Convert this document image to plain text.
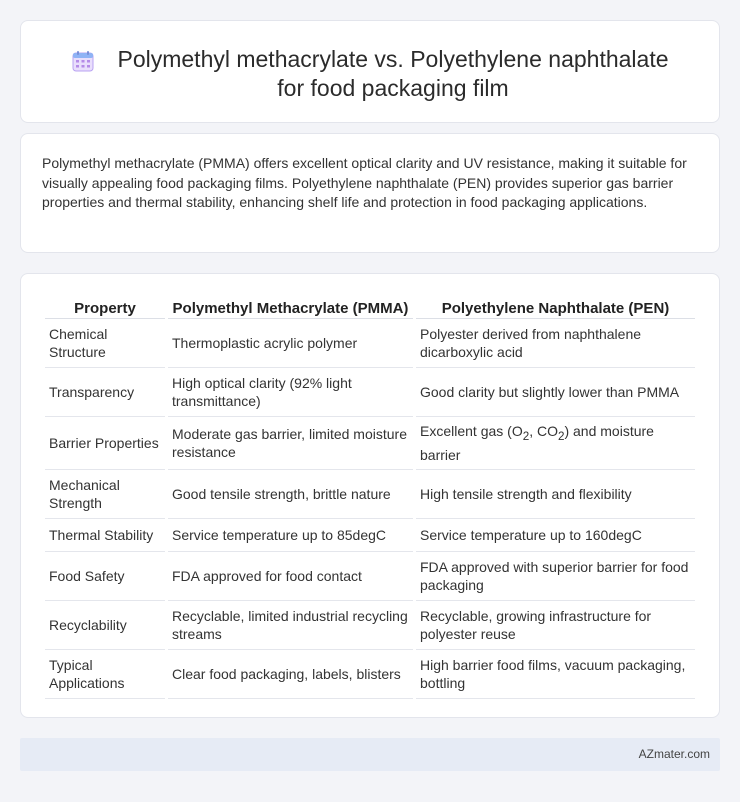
Polymethyl methacrylate vs. Polyethylene naphthalate
for food packaging film

Polymethyl methacrylate (PMMA) offers excellent optical clarity and UV resistance, making it suitable for visually appealing food packaging films. Polyethylene naphthalate (PEN) provides superior gas barrier properties and thermal stability, enhancing shelf life and protection in food packaging applications.

Property	Polymethyl Methacrylate (PMMA)	Polyethylene Naphthalate (PEN)
Chemical Structure	Thermoplastic acrylic polymer	Polyester derived from naphthalene dicarboxylic acid
Transparency	High optical clarity (92% light transmittance)	Good clarity but slightly lower than PMMA
Barrier Properties	Moderate gas barrier, limited moisture resistance	Excellent gas ($O_2$, $CO_2$) and moisture barrier
Mechanical Strength	Good tensile strength, brittle nature	High tensile strength and flexibility
Thermal Stability	Service temperature up to 85degC	Service temperature up to 160degC
Food Safety	FDA approved for food contact	FDA approved with superior barrier for food packaging
Recyclability	Recyclable, limited industrial recycling streams	Recyclable, growing infrastructure for polyester reuse
Typical Applications	Clear food packaging, labels, blisters	High barrier food films, vacuum packaging, bottling
AZmater.com
